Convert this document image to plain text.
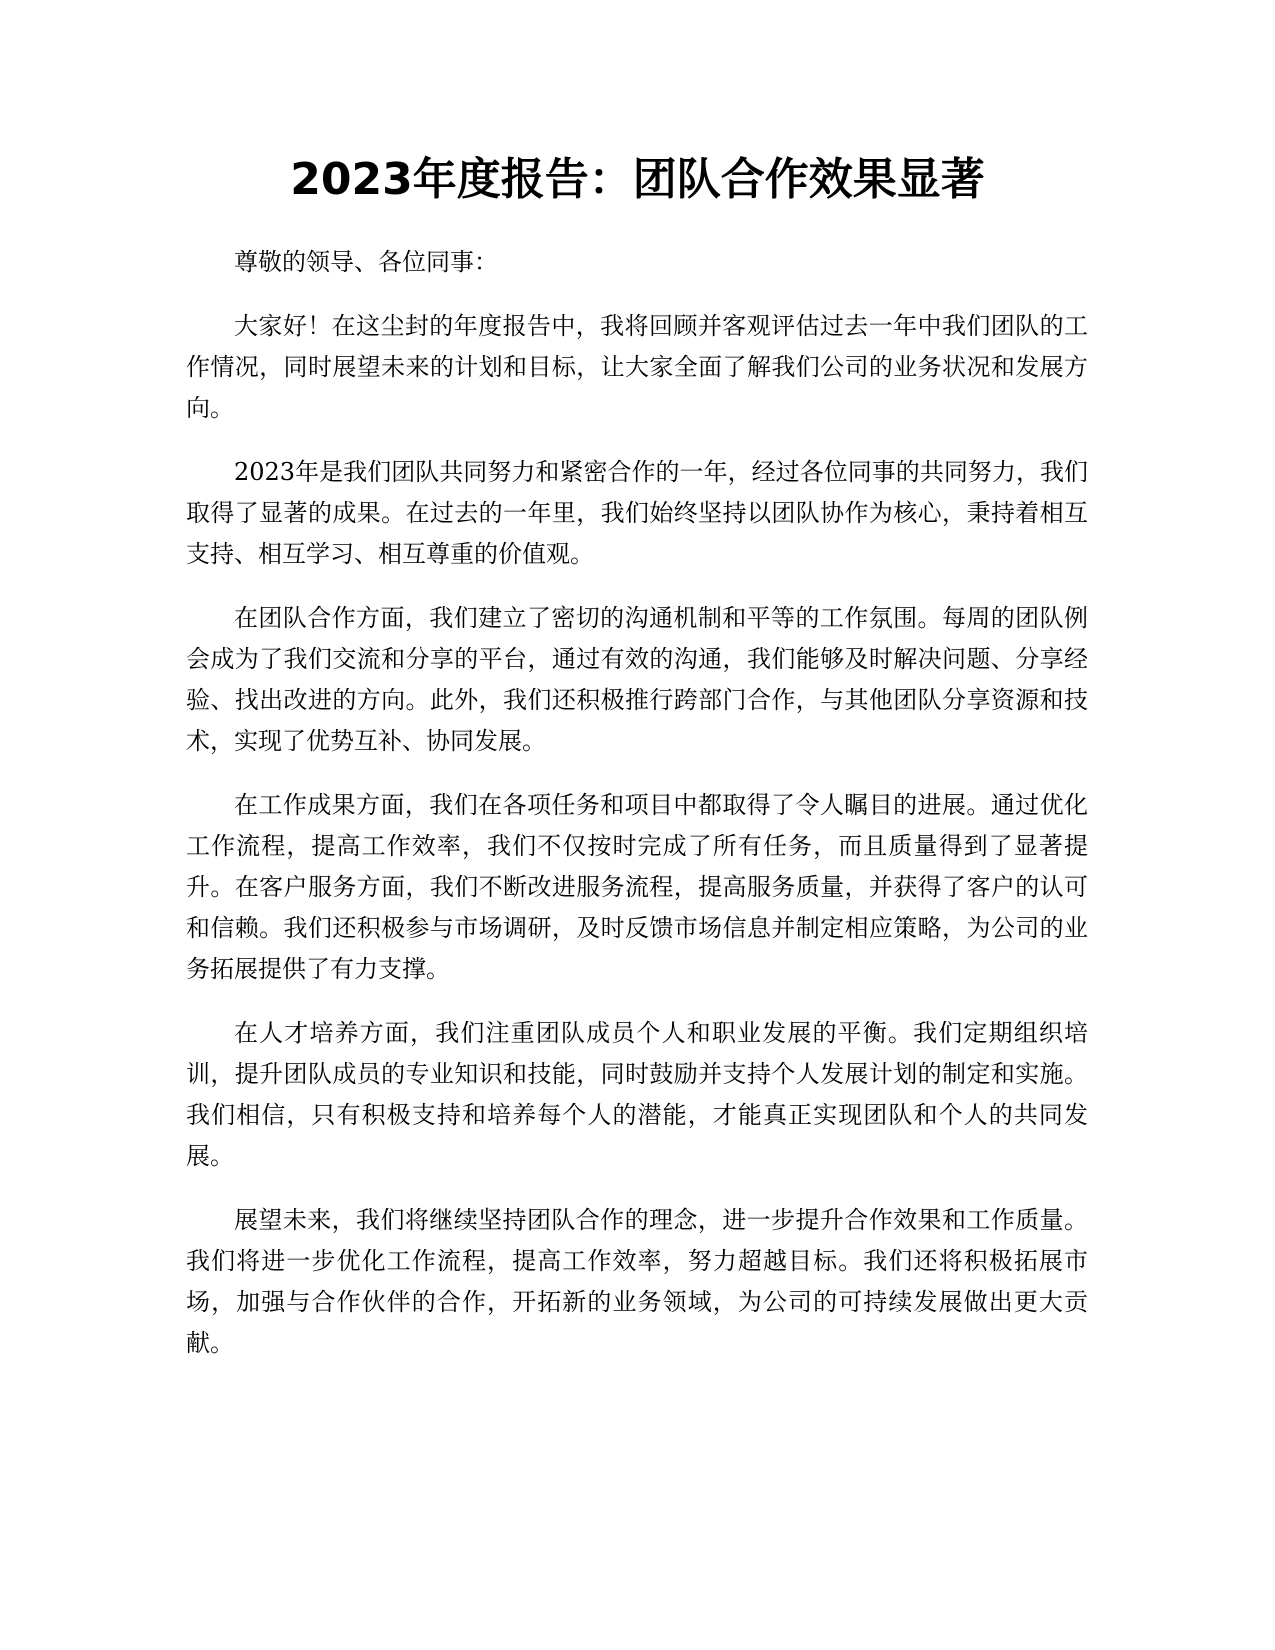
2023年度报告：团队合作效果显著

尊敬的领导、各位同事：

大家好！在这尘封的年度报告中，我将回顾并客观评估过去一年中我们团队的工作情况，同时展望未来的计划和目标，让大家全面了解我们公司的业务状况和发展方向。

2023年是我们团队共同努力和紧密合作的一年，经过各位同事的共同努力，我们取得了显著的成果。在过去的一年里，我们始终坚持以团队协作为核心，秉持着相互支持、相互学习、相互尊重的价值观。

在团队合作方面，我们建立了密切的沟通机制和平等的工作氛围。每周的团队例会成为了我们交流和分享的平台，通过有效的沟通，我们能够及时解决问题、分享经验、找出改进的方向。此外，我们还积极推行跨部门合作，与其他团队分享资源和技术，实现了优势互补、协同发展。

在工作成果方面，我们在各项任务和项目中都取得了令人瞩目的进展。通过优化工作流程，提高工作效率，我们不仅按时完成了所有任务，而且质量得到了显著提升。在客户服务方面，我们不断改进服务流程，提高服务质量，并获得了客户的认可和信赖。我们还积极参与市场调研，及时反馈市场信息并制定相应策略，为公司的业务拓展提供了有力支撑。

在人才培养方面，我们注重团队成员个人和职业发展的平衡。我们定期组织培训，提升团队成员的专业知识和技能，同时鼓励并支持个人发展计划的制定和实施。我们相信，只有积极支持和培养每个人的潜能，才能真正实现团队和个人的共同发展。

展望未来，我们将继续坚持团队合作的理念，进一步提升合作效果和工作质量。我们将进一步优化工作流程，提高工作效率，努力超越目标。我们还将积极拓展市场，加强与合作伙伴的合作，开拓新的业务领域，为公司的可持续发展做出更大贡献。
